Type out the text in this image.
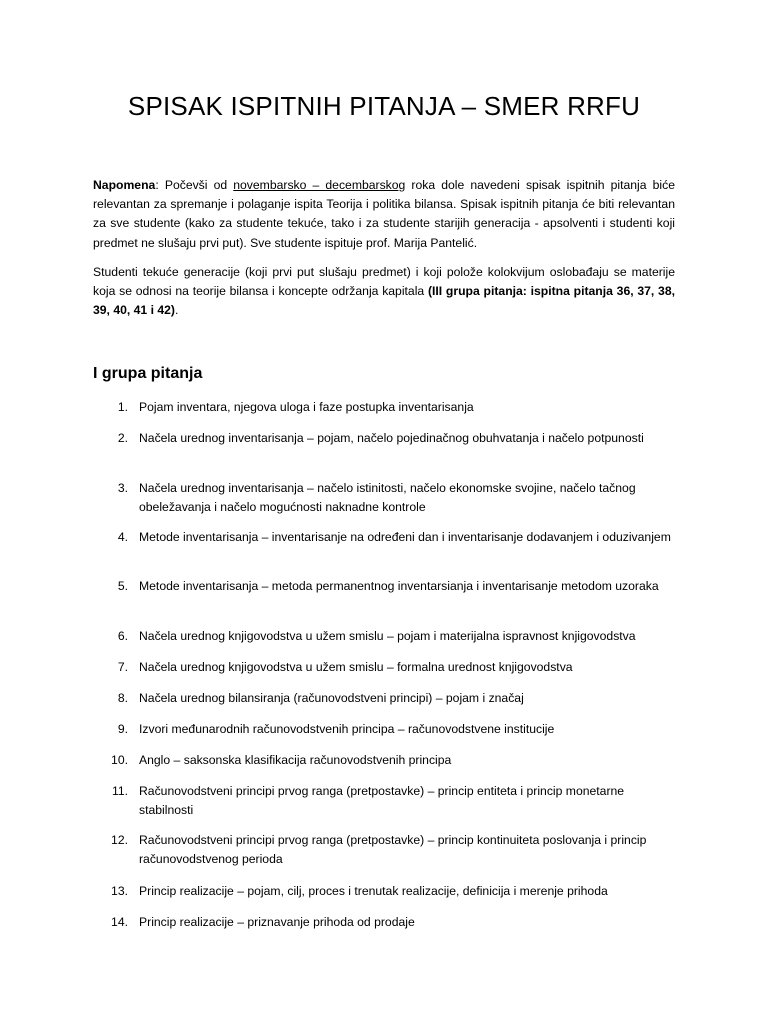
SPISAK ISPITNIH PITANJA – SMER RRFU

Napomena: Počevši od novembarsko – decembarskog roka dole navedeni spisak ispitnih pitanja biće relevantan za spremanje i polaganje ispita Teorija i politika bilansa. Spisak ispitnih pitanja će biti relevantan za sve studente (kako za studente tekuće, tako i za studente starijih generacija - apsolventi i studenti koji predmet ne slušaju prvi put). Sve studente ispituje prof. Marija Pantelić.

Studenti tekuće generacije (koji prvi put slušaju predmet) i koji polože kolokvijum oslobađaju se materije koja se odnosi na teorije bilansa i koncepte održanja kapitala (III grupa pitanja: ispitna pitanja 36, 37, 38, 39, 40, 41 i 42).

I grupa pitanja
1. Pojam inventara, njegova uloga i faze postupka inventarisanja
2. Načela urednog inventarisanja – pojam, načelo pojedinačnog obuhvatanja i načelo potpunosti
3. Načela urednog inventarisanja – načelo istinitosti, načelo ekonomske svojine, načelo tačnog obeležavanja i načelo mogućnosti naknadne kontrole
4. Metode inventarisanja – inventarisanje na određeni dan i inventarisanje dodavanjem i oduzivanjem
5. Metode inventarisanja – metoda permanentnog inventarsianja i inventarisanje metodom uzoraka
6. Načela urednog knjigovodstva u užem smislu – pojam i materijalna ispravnost knjigovodstva
7. Načela urednog knjigovodstva u užem smislu – formalna urednost knjigovodstva
8. Načela urednog bilansiranja (računovodstveni principi) – pojam i značaj
9. Izvori međunarodnih računovodstvenih principa – računovodstvene institucije
10. Anglo – saksonska klasifikacija računovodstvenih principa
11. Računovodstveni principi prvog ranga (pretpostavke) – princip entiteta i princip monetarne stabilnosti
12. Računovodstveni principi prvog ranga (pretpostavke) – princip kontinuiteta poslovanja i princip računovodstvenog perioda
13. Princip realizacije – pojam, cilj, proces i trenutak realizacije, definicija i merenje prihoda
14. Princip realizacije – priznavanje prihoda od prodaje
